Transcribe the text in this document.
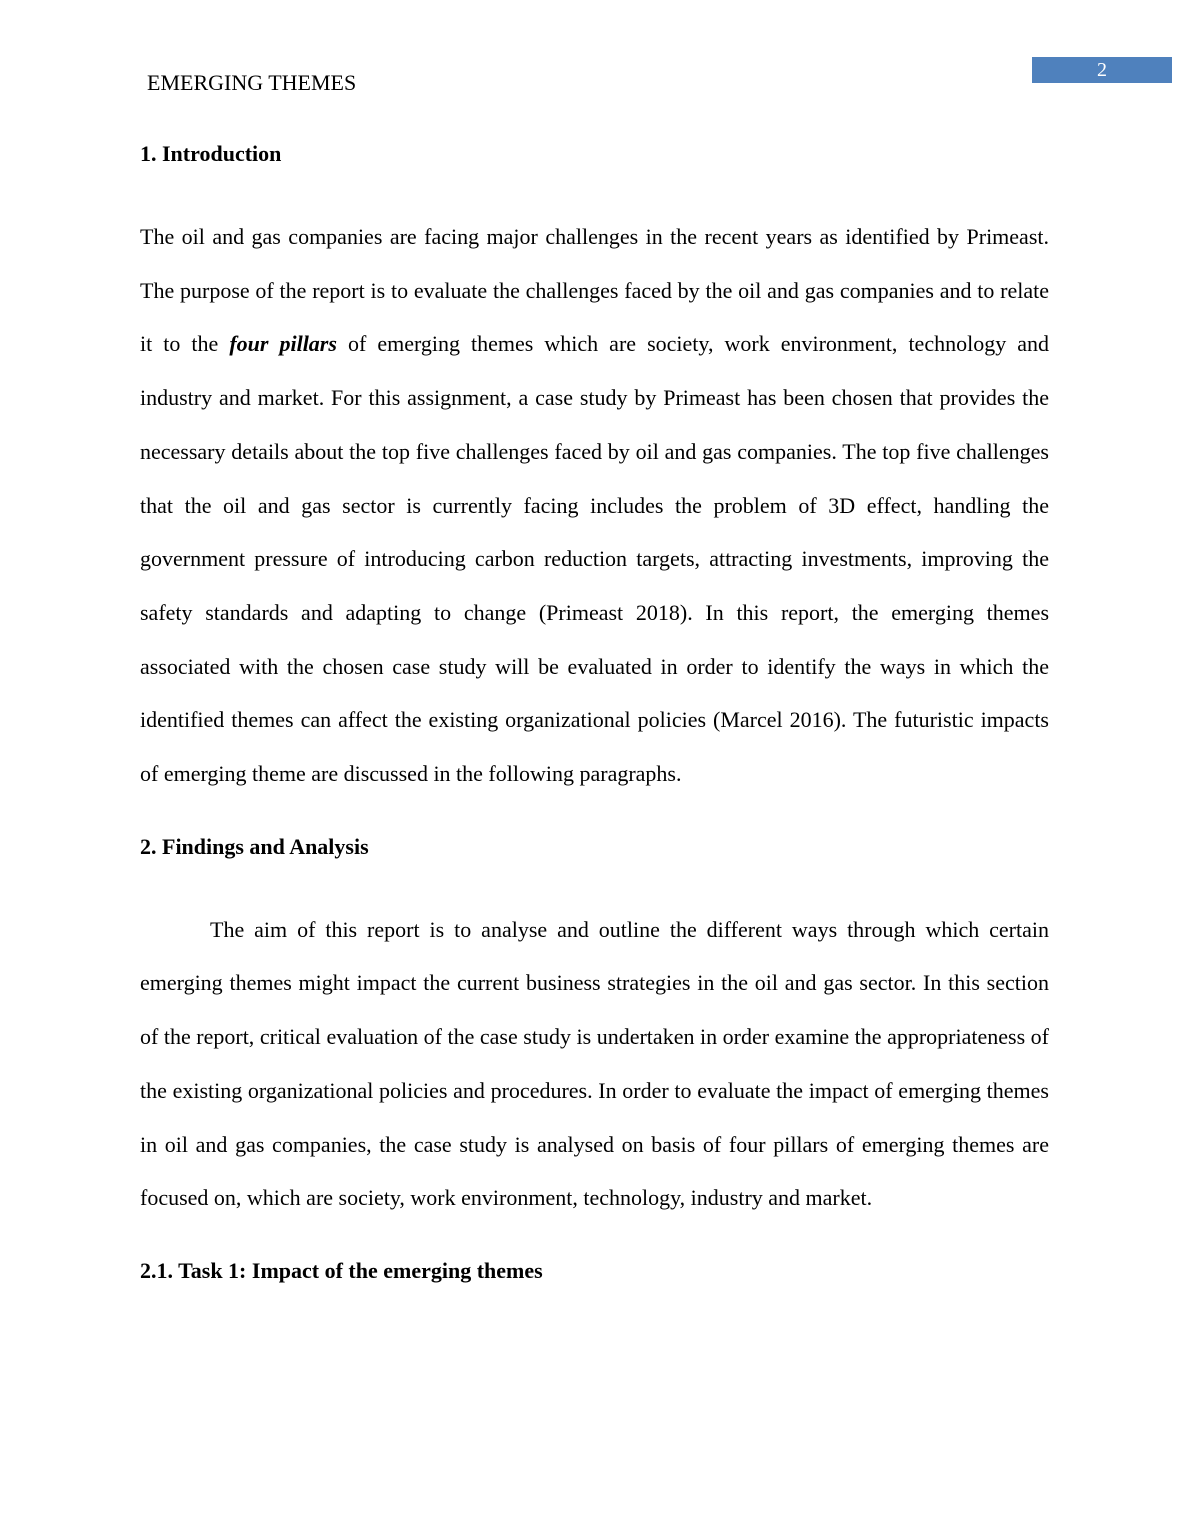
2
EMERGING THEMES
1. Introduction

The oil and gas companies are facing major challenges in the recent years as identified by Primeast. The purpose of the report is to evaluate the challenges faced by the oil and gas companies and to relate it to the four pillars of emerging themes which are society, work environment, technology and industry and market. For this assignment, a case study by Primeast has been chosen that provides the necessary details about the top five challenges faced by oil and gas companies. The top five challenges that the oil and gas sector is currently facing includes the problem of 3D effect, handling the government pressure of introducing carbon reduction targets, attracting investments, improving the safety standards and adapting to change (Primeast 2018). In this report, the emerging themes associated with the chosen case study will be evaluated in order to identify the ways in which the identified themes can affect the existing organizational policies (Marcel 2016). The futuristic impacts of emerging theme are discussed in the following paragraphs.

2. Findings and Analysis

The aim of this report is to analyse and outline the different ways through which certain emerging themes might impact the current business strategies in the oil and gas sector. In this section of the report, critical evaluation of the case study is undertaken in order examine the appropriateness of the existing organizational policies and procedures. In order to evaluate the impact of emerging themes in oil and gas companies, the case study is analysed on basis of four pillars of emerging themes are focused on, which are society, work environment, technology, industry and market.

2.1. Task 1: Impact of the emerging themes
